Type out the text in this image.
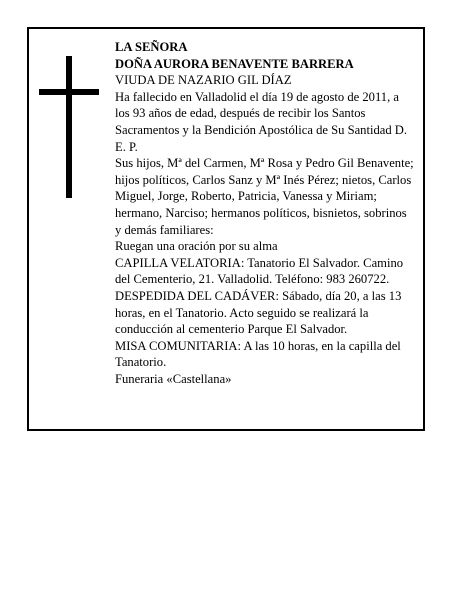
LA SEÑORA

DOÑA AURORA BENAVENTE BARRERA

VIUDA DE NAZARIO GIL DÍAZ

Ha fallecido en Valladolid el día 19 de agosto de 2011, a los 93 años de edad, después de recibir los Santos Sacramentos y la Bendición Apostólica de Su Santidad D. E. P.

Sus hijos, Mª del Carmen, Mª Rosa y Pedro Gil Benavente; hijos políticos, Carlos Sanz y Mª Inés Pérez; nietos, Carlos Miguel, Jorge, Roberto, Patricia, Vanessa y Miriam; hermano, Narciso; hermanos políticos, bisnietos, sobrinos y demás familiares:

Ruegan una oración por su alma

CAPILLA VELATORIA: Tanatorio El Salvador. Camino del Cementerio, 21. Valladolid. Teléfono: 983 260722.

DESPEDIDA DEL CADÁVER: Sábado, día 20, a las 13 horas, en el Tanatorio. Acto seguido se realizará la conducción al cementerio Parque El Salvador.

MISA COMUNITARIA: A las 10 horas, en la capilla del Tanatorio.

Funeraria «Castellana»
